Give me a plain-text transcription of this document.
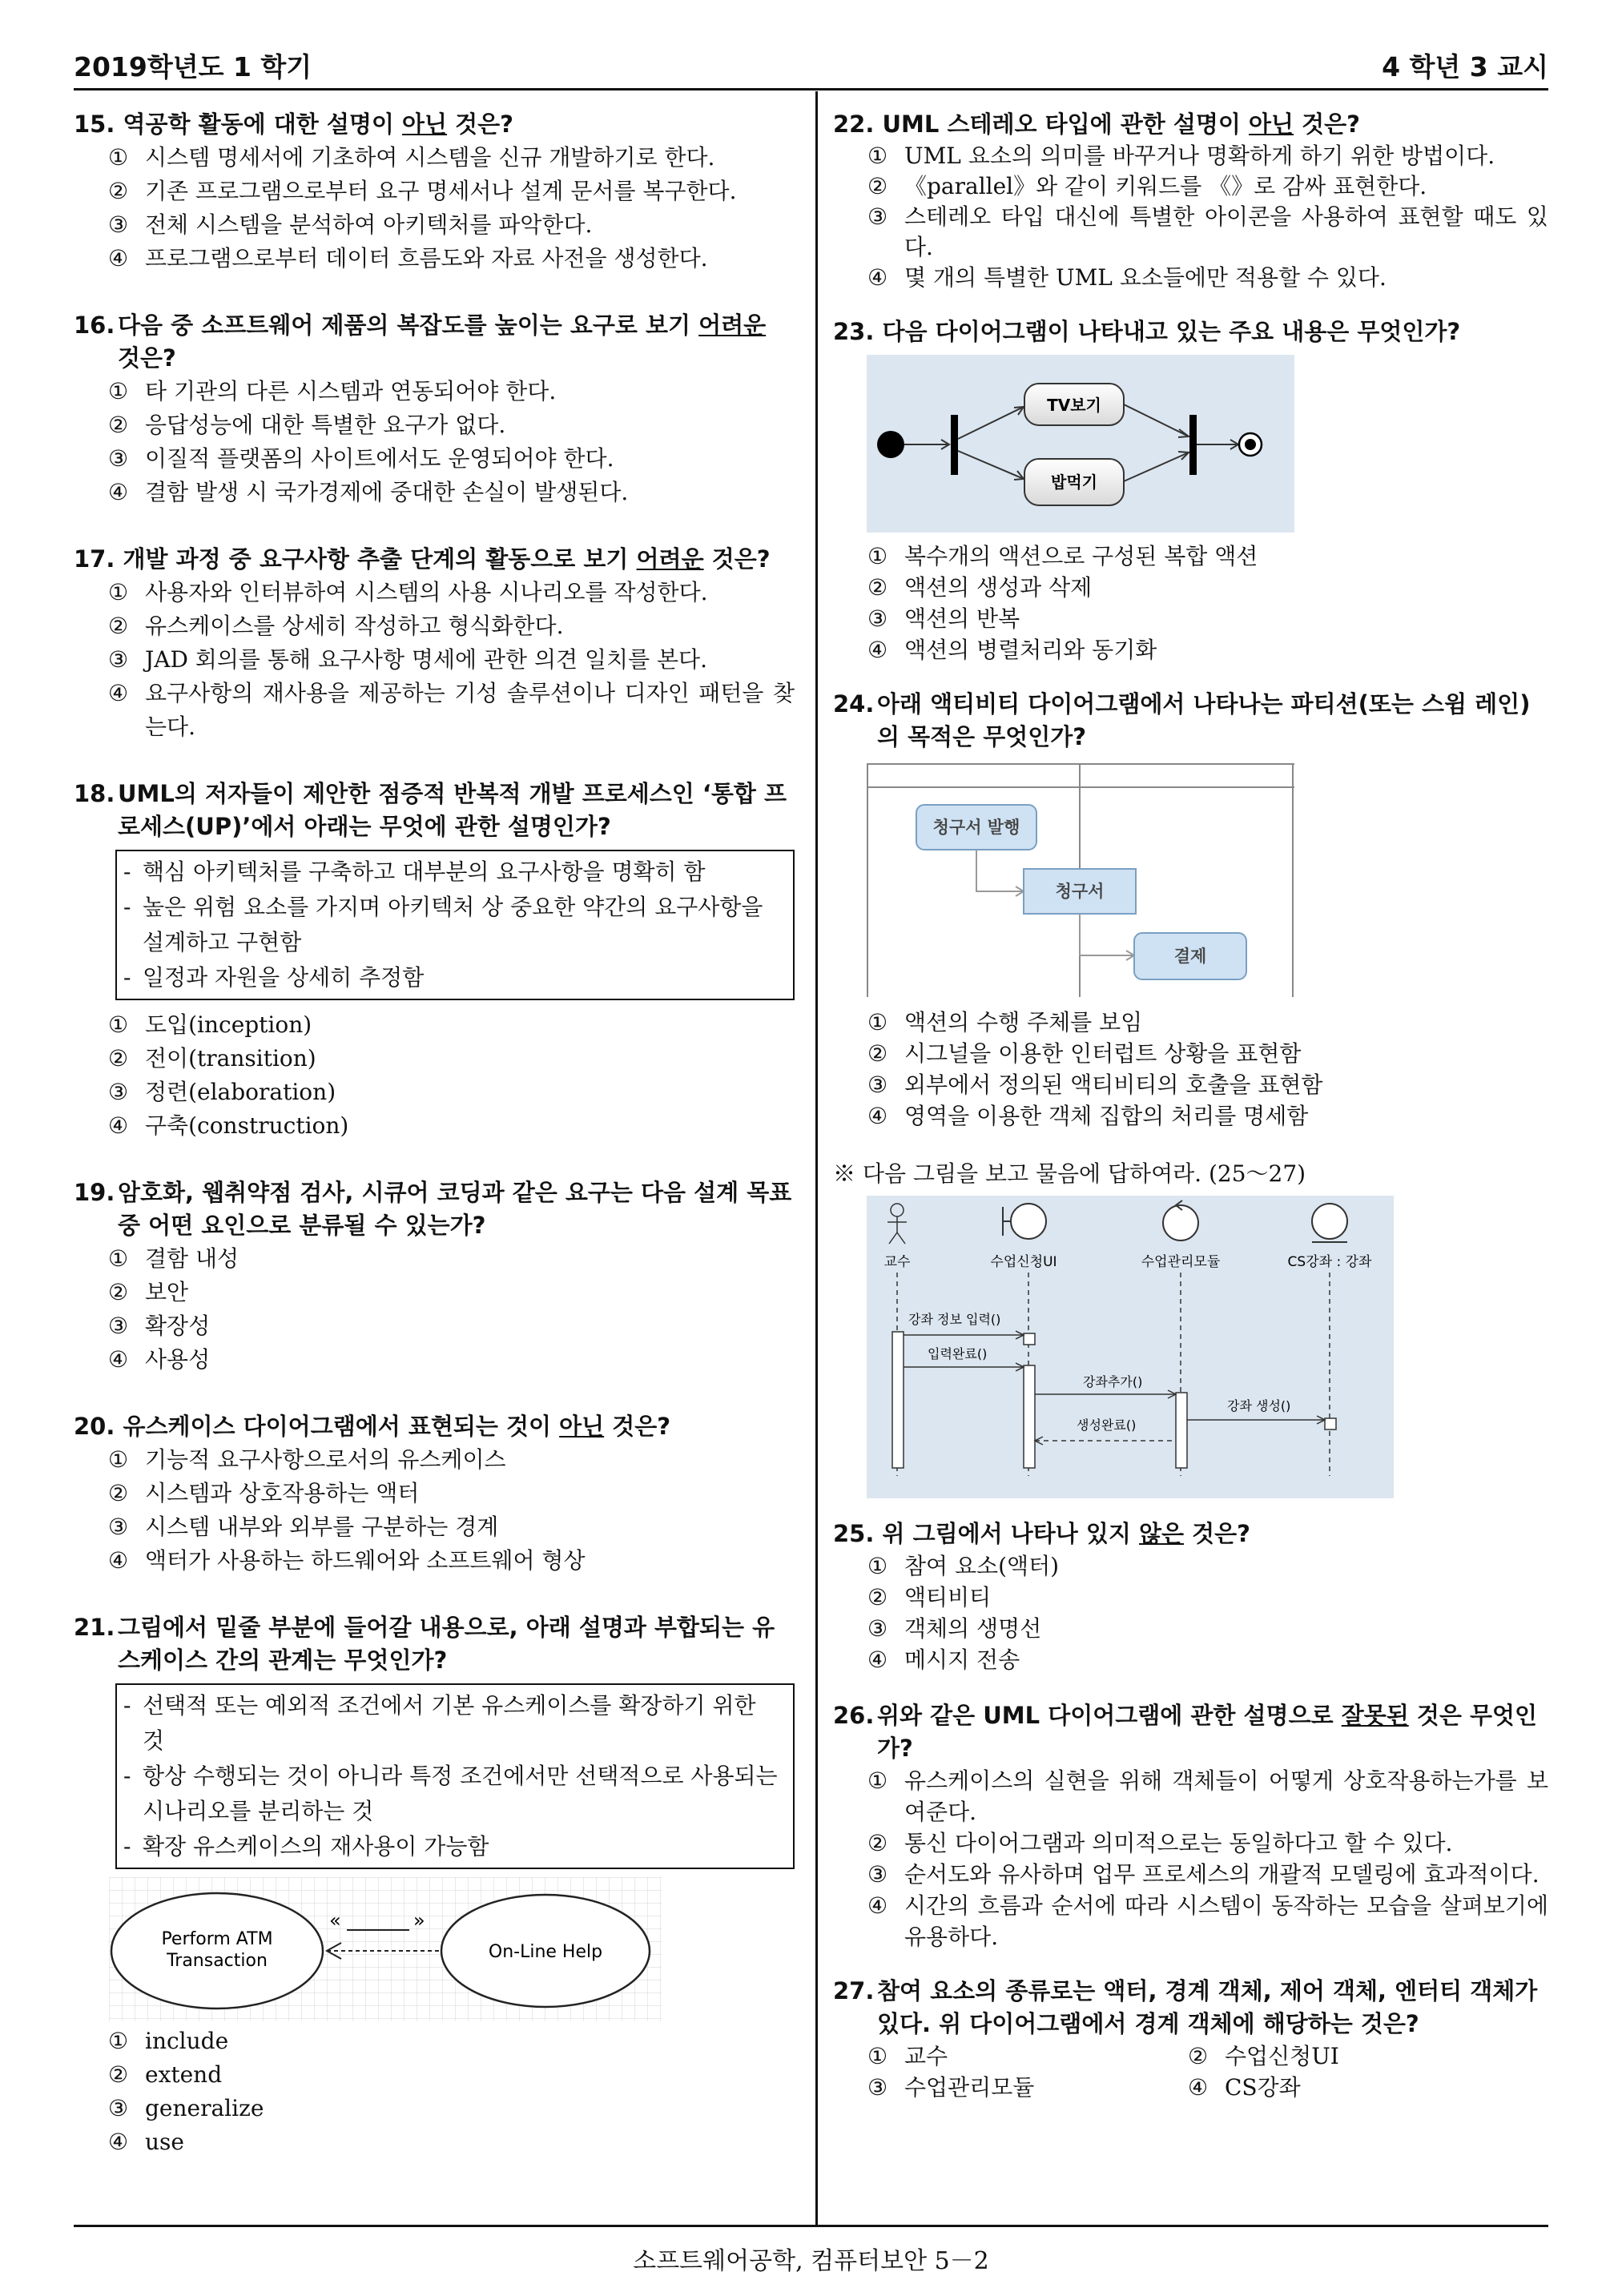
2019학년도 1 학기	4 학년 3 교시
15. 역공학 활동에 대한 설명이 아닌 것은?
① 시스템 명세서에 기초하여 시스템을 신규 개발하기로 한다.
② 기존 프로그램으로부터 요구 명세서나 설계 문서를 복구한다.
③ 전체 시스템을 분석하여 아키텍처를 파악한다.
④ 프로그램으로부터 데이터 흐름도와 자료 사전을 생성한다.
16. 다음 중 소프트웨어 제품의 복잡도를 높이는 요구로 보기 어려운 것은?
① 타 기관의 다른 시스템과 연동되어야 한다.
② 응답성능에 대한 특별한 요구가 없다.
③ 이질적 플랫폼의 사이트에서도 운영되어야 한다.
④ 결함 발생 시 국가경제에 중대한 손실이 발생된다.
17. 개발 과정 중 요구사항 추출 단계의 활동으로 보기 어려운 것은?
① 사용자와 인터뷰하여 시스템의 사용 시나리오를 작성한다.
② 유스케이스를 상세히 작성하고 형식화한다.
③ JAD 회의를 통해 요구사항 명세에 관한 의견 일치를 본다.
④ 요구사항의 재사용을 제공하는 기성 솔루션이나 디자인 패턴을 찾는다.
18. UML의 저자들이 제안한 점증적 반복적 개발 프로세스인 ‘통합 프로세스(UP)’에서 아래는 무엇에 관한 설명인가?
- 핵심 아키텍처를 구축하고 대부분의 요구사항을 명확히 함
- 높은 위험 요소를 가지며 아키텍처 상 중요한 약간의 요구사항을 설계하고 구현함
- 일정과 자원을 상세히 추정함
① 도입(inception)
② 전이(transition)
③ 정련(elaboration)
④ 구축(construction)
19. 암호화, 웹취약점 검사, 시큐어 코딩과 같은 요구는 다음 설계 목표 중 어떤 요인으로 분류될 수 있는가?
① 결함 내성
② 보안
③ 확장성
④ 사용성
20. 유스케이스 다이어그램에서 표현되는 것이 아닌 것은?
① 기능적 요구사항으로서의 유스케이스
② 시스템과 상호작용하는 액터
③ 시스템 내부와 외부를 구분하는 경계
④ 액터가 사용하는 하드웨어와 소프트웨어 형상
21. 그림에서 밑줄 부분에 들어갈 내용으로, 아래 설명과 부합되는 유스케이스 간의 관계는 무엇인가?
- 선택적 또는 예외적 조건에서 기본 유스케이스를 확장하기 위한 것
- 항상 수행되는 것이 아니라 특정 조건에서만 선택적으로 사용되는 시나리오를 분리하는 것
- 확장 유스케이스의 재사용이 가능함
Perform ATM
Transaction	On-Line Help
«	»
① include
② extend
③ generalize
④ use
22. UML 스테레오 타입에 관한 설명이 아닌 것은?
① UML 요소의 의미를 바꾸거나 명확하게 하기 위한 방법이다.
② 《parallel》와 같이 키워드를 《》로 감싸 표현한다.
③ 스테레오 타입 대신에 특별한 아이콘을 사용하여 표현할 때도 있다.
④ 몇 개의 특별한 UML 요소들에만 적용할 수 있다.
23. 다음 다이어그램이 나타내고 있는 주요 내용은 무엇인가?
TV보기
밥먹기
① 복수개의 액션으로 구성된 복합 액션
② 액션의 생성과 삭제
③ 액션의 반복
④ 액션의 병렬처리와 동기화
24. 아래 액티비티 다이어그램에서 나타나는 파티션(또는 스윔 레인)의 목적은 무엇인가?
청구서 발행
청구서
결제
① 액션의 수행 주체를 보임
② 시그널을 이용한 인터럽트 상황을 표현함
③ 외부에서 정의된 액티비티의 호출을 표현함
④ 영역을 이용한 객체 집합의 처리를 명세함
※ 다음 그림을 보고 물음에 답하여라. (25～27)
교수	수업신청UI	수업관리모듈	CS강좌 : 강좌
강좌 정보 입력()
입력완료()
강좌추가()
강좌 생성()
생성완료()
25. 위 그림에서 나타나 있지 않은 것은?
① 참여 요소(액터)
② 액티비티
③ 객체의 생명선
④ 메시지 전송
26. 위와 같은 UML 다이어그램에 관한 설명으로 잘못된 것은 무엇인가?
① 유스케이스의 실현을 위해 객체들이 어떻게 상호작용하는가를 보여준다.
② 통신 다이어그램과 의미적으로는 동일하다고 할 수 있다.
③ 순서도와 유사하며 업무 프로세스의 개괄적 모델링에 효과적이다.
④ 시간의 흐름과 순서에 따라 시스템이 동작하는 모습을 살펴보기에 유용하다.
27. 참여 요소의 종류로는 액터, 경계 객체, 제어 객체, 엔터티 객체가 있다. 위 다이어그램에서 경계 객체에 해당하는 것은?
① 교수	② 수업신청UI
③ 수업관리모듈	④ CS강좌
소프트웨어공학, 컴퓨터보안 5－2
